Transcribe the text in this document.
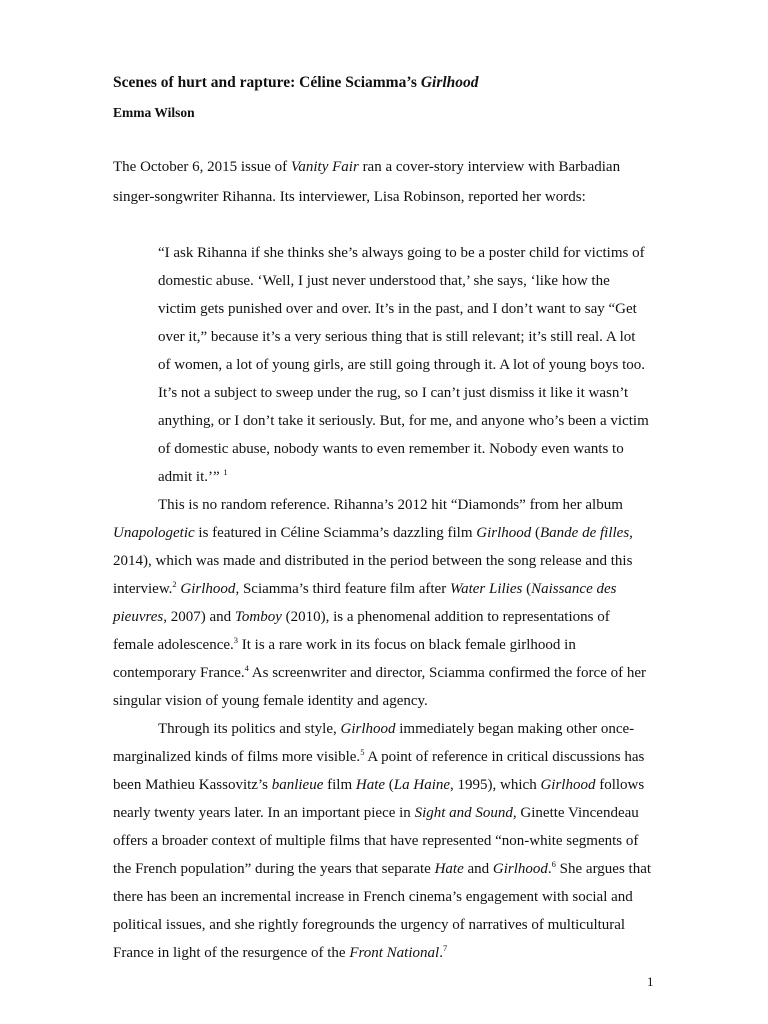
Scenes of hurt and rapture: Céline Sciamma’s Girlhood
Emma Wilson
The October 6, 2015 issue of Vanity Fair ran a cover-story interview with Barbadian
singer-songwriter Rihanna. Its interviewer, Lisa Robinson, reported her words:
“I ask Rihanna if she thinks she’s always going to be a poster child for victims of
domestic abuse. ‘Well, I just never understood that,’ she says, ‘like how the
victim gets punished over and over. It’s in the past, and I don’t want to say “Get
over it,” because it’s a very serious thing that is still relevant; it’s still real. A lot
of women, a lot of young girls, are still going through it. A lot of young boys too.
It’s not a subject to sweep under the rug, so I can’t just dismiss it like it wasn’t
anything, or I don’t take it seriously. But, for me, and anyone who’s been a victim
of domestic abuse, nobody wants to even remember it. Nobody even wants to
admit it.’” $^1$
This is no random reference. Rihanna’s 2012 hit “Diamonds” from her album
Unapologetic is featured in Céline Sciamma’s dazzling film Girlhood (Bande de filles,
2014), which was made and distributed in the period between the song release and this
interview.$^2$ Girlhood, Sciamma’s third feature film after Water Lilies (Naissance des
pieuvres, 2007) and Tomboy (2010), is a phenomenal addition to representations of
female adolescence.$^3$ It is a rare work in its focus on black female girlhood in
contemporary France.$^4$ As screenwriter and director, Sciamma confirmed the force of her
singular vision of young female identity and agency.
Through its politics and style, Girlhood immediately began making other once-
marginalized kinds of films more visible.$^5$ A point of reference in critical discussions has
been Mathieu Kassovitz’s banlieue film Hate (La Haine, 1995), which Girlhood follows
nearly twenty years later. In an important piece in Sight and Sound, Ginette Vincendeau
offers a broader context of multiple films that have represented “non-white segments of
the French population” during the years that separate Hate and Girlhood.$^6$ She argues that
there has been an incremental increase in French cinema’s engagement with social and
political issues, and she rightly foregrounds the urgency of narratives of multicultural
France in light of the resurgence of the Front National.$^7$
1
